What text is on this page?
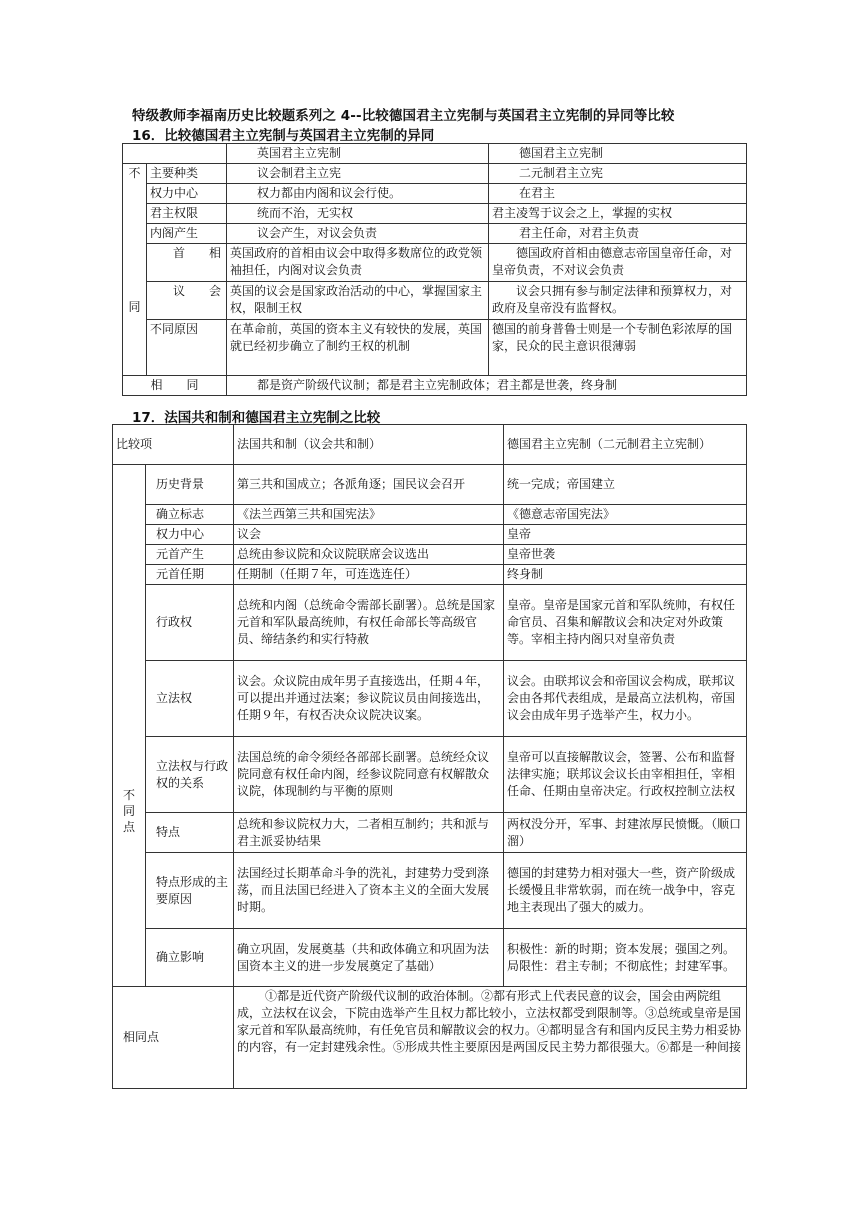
特级教师李福南历史比较题系列之 4--比较德国君主立宪制与英国君主立宪制的异同等比较
16．比较德国君主立宪制与英国君主立宪制的异同
		英国君主立宪制	德国君主立宪制

不
同	主要种类	议会制君主立宪	二元制君主立宪
	权力中心	权力都由内阁和议会行使。	在君主
	君主权限	统而不治，无实权	君主凌驾于议会之上，掌握的实权
	内阁产生	议会产生，对议会负责	君主任命，对君主负责
	首　　相	英国政府的首相由议会中取得多数席位的政党领袖担任，内阁对议会负责	德国政府首相由德意志帝国皇帝任命，对皇帝负责，不对议会负责
	议　　会	英国的议会是国家政治活动的中心，掌握国家主权，限制王权	议会只拥有参与制定法律和预算权力，对政府及皇帝没有监督权。
	不同原因	在革命前，英国的资本主义有较快的发展，英国就已经初步确立了制约王权的机制	德国的前身普鲁士则是一个专制色彩浓厚的国家，民众的民主意识很薄弱
相　　同		都是资产阶级代议制；都是君主立宪制政体；君主都是世袭，终身制	
17．法国共和制和德国君主立宪制之比较
比较项		法国共和制（议会共和制）	德国君主立宪制（二元制君主立宪制）

不
同
点	历史背景	第三共和国成立；各派角逐；国民议会召开	统一完成；帝国建立
	确立标志	《法兰西第三共和国宪法》	《德意志帝国宪法》
	权力中心	议会	皇帝
	元首产生	总统由参议院和众议院联席会议选出	皇帝世袭
	元首任期	任期制（任期７年，可连选连任）	终身制
	行政权	总统和内阁（总统命令需部长副署）。总统是国家元首和军队最高统帅，有权任命部长等高级官员、缔结条约和实行特赦	皇帝。皇帝是国家元首和军队统帅，有权任命官员、召集和解散议会和决定对外政策等。宰相主持内阁只对皇帝负责
	立法权	议会。众议院由成年男子直接选出，任期４年，可以提出并通过法案；参议院议员由间接选出，任期９年，有权否决众议院决议案。	议会。由联邦议会和帝国议会构成，联邦议会由各邦代表组成，是最高立法机构，帝国议会由成年男子选举产生，权力小。
	立法权与行政权的关系	法国总统的命令须经各部部长副署。总统经众议院同意有权任命内阁，经参议院同意有权解散众议院，体现制约与平衡的原则	皇帝可以直接解散议会，签署、公布和监督法律实施；联邦议会议长由宰相担任，宰相任命、任期由皇帝决定。行政权控制立法权
	特点	总统和参议院权力大，二者相互制约；共和派与君主派妥协结果	两权没分开，军事、封建浓厚民愤慨。（顺口溜）
	特点形成的主要原因	法国经过长期革命斗争的洗礼，封建势力受到涤荡，而且法国已经进入了资本主义的全面大发展时期。	德国的封建势力相对强大一些，资产阶级成长缓慢且非常软弱，而在统一战争中，容克地主表现出了强大的威力。
	确立影响	确立巩固，发展奠基（共和政体确立和巩固为法国资本主义的进一步发展奠定了基础）	积极性：新的时期；资本发展；强国之列。局限性：君主专制；不彻底性；封建军事。
相同点		①都是近代资产阶级代议制的政治体制。②都有形式上代表民意的议会，国会由两院组成，立法权在议会，下院由选举产生且权力都比较小，立法权都受到限制等。③总统或皇帝是国家元首和军队最高统帅，有任免官员和解散议会的权力。④都明显含有和国内反民主势力相妥协的内容，有一定封建残余性。⑤形成共性主要原因是两国反民主势力都很强大。⑥都是一种间接	
